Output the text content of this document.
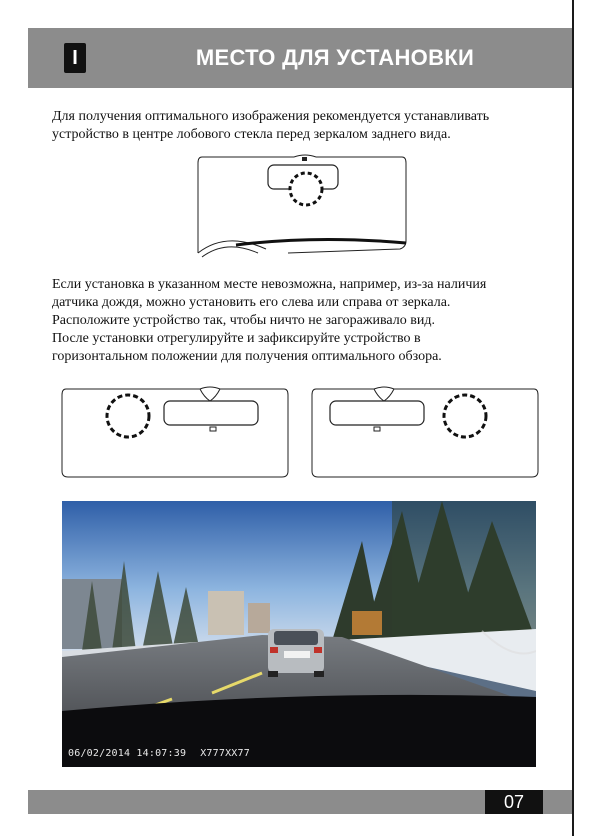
I	МЕСТО ДЛЯ УСТАНОВКИ
Для получения оптимального изображения рекомендуется устанавливать
устройство в центре лобового стекла перед зеркалом заднего вида.
Если установка в указанном месте невозможна, например, из-за наличия
датчика дождя, можно установить его слева или справа от зеркала.
Расположите устройство так, чтобы ничто не загораживало вид.
После установки отрегулируйте и зафиксируйте устройство в
горизонтальном положении для получения оптимального обзора.
06/02/2014 14:07:39 X777XX77
07
